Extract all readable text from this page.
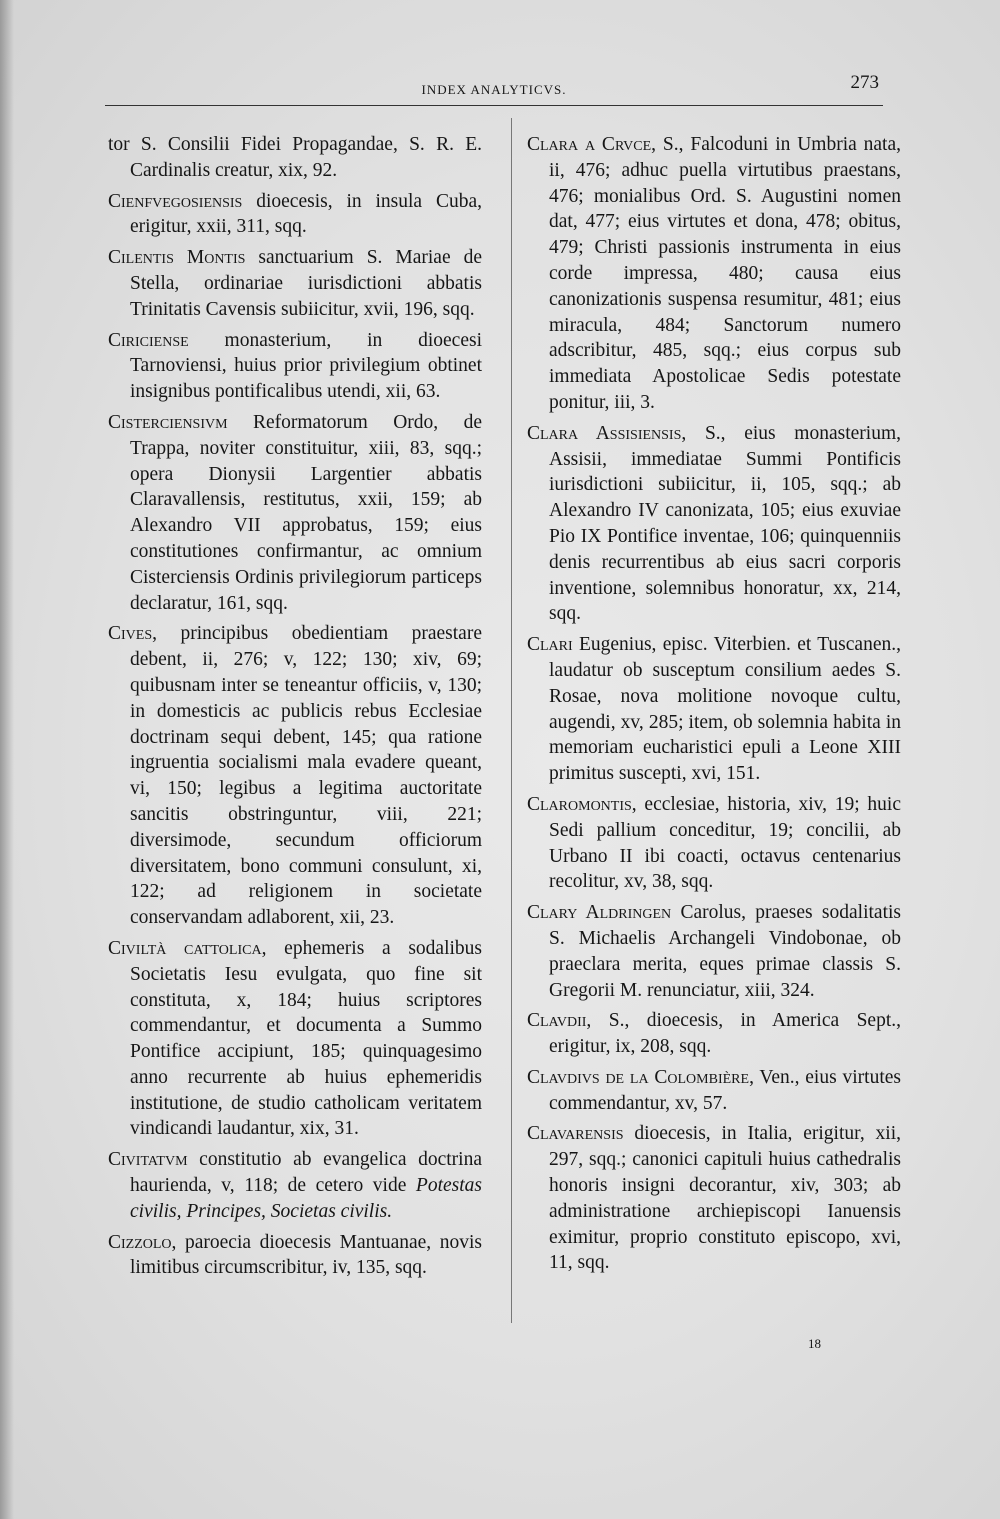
INDEX ANALYTICVS.	273

tor S. Consilii Fidei Propagandae, S. R. E. Cardinalis creatur, xix, 92.

Cienfvegosiensis dioecesis, in insula Cuba, erigitur, xxii, 311, sqq.

Cilentis Montis sanctuarium S. Mariae de Stella, ordinariae iurisdictioni abbatis Trinitatis Cavensis subiicitur, xvii, 196, sqq.

Ciriciense monasterium, in dioecesi Tarnoviensi, huius prior privilegium obtinet insignibus pontificalibus utendi, xii, 63.

Cisterciensivm Reformatorum Ordo, de Trappa, noviter constituitur, xiii, 83, sqq.; opera Dionysii Largentier abbatis Claravallensis, restitutus, xxii, 159; ab Alexandro VII approbatus, 159; eius constitutiones confirmantur, ac omnium Cisterciensis Ordinis privilegiorum particeps declaratur, 161, sqq.

Cives, principibus obedientiam praestare debent, ii, 276; v, 122; 130; xiv, 69; quibusnam inter se teneantur officiis, v, 130; in domesticis ac publicis rebus Ecclesiae doctrinam sequi debent, 145; qua ratione ingruentia socialismi mala evadere queant, vi, 150; legibus a legitima auctoritate sancitis obstringuntur, viii, 221; diversimode, secundum officiorum diversitatem, bono communi consulunt, xi, 122; ad religionem in societate conservandam adlaborent, xii, 23.

Civiltà cattolica, ephemeris a sodalibus Societatis Iesu evulgata, quo fine sit constituta, x, 184; huius scriptores commendantur, et documenta a Summo Pontifice accipiunt, 185; quinquagesimo anno recurrente ab huius ephemeridis institutione, de studio catholicam veritatem vindicandi laudantur, xix, 31.

Civitatvm constitutio ab evangelica doctrina haurienda, v, 118; de cetero vide Potestas civilis, Principes, Societas civilis.

Cizzolo, paroecia dioecesis Mantuanae, novis limitibus circumscribitur, iv, 135, sqq.

Clara a Crvce, S., Falcoduni in Umbria nata, ii, 476; adhuc puella virtutibus praestans, 476; monialibus Ord. S. Augustini nomen dat, 477; eius virtutes et dona, 478; obitus, 479; Christi passionis instrumenta in eius corde impressa, 480; causa eius canonizationis suspensa resumitur, 481; eius miracula, 484; Sanctorum numero adscribitur, 485, sqq.; eius corpus sub immediata Apostolicae Sedis potestate ponitur, iii, 3.

Clara Assisiensis, S., eius monasterium, Assisii, immediatae Summi Pontificis iurisdictioni subiicitur, ii, 105, sqq.; ab Alexandro IV canonizata, 105; eius exuviae Pio IX Pontifice inventae, 106; quinquenniis denis recurrentibus ab eius sacri corporis inventione, solemnibus honoratur, xx, 214, sqq.

Clari Eugenius, episc. Viterbien. et Tuscanen., laudatur ob susceptum consilium aedes S. Rosae, nova molitione novoque cultu, augendi, xv, 285; item, ob solemnia habita in memoriam eucharistici epuli a Leone XIII primitus suscepti, xvi, 151.

Claromontis, ecclesiae, historia, xiv, 19; huic Sedi pallium conceditur, 19; concilii, ab Urbano II ibi coacti, octavus centenarius recolitur, xv, 38, sqq.

Clary Aldringen Carolus, praeses sodalitatis S. Michaelis Archangeli Vindobonae, ob praeclara merita, eques primae classis S. Gregorii M. renunciatur, xiii, 324.

Clavdii, S., dioecesis, in America Sept., erigitur, ix, 208, sqq.

Clavdivs de la Colombière, Ven., eius virtutes commendantur, xv, 57.

Clavarensis dioecesis, in Italia, erigitur, xii, 297, sqq.; canonici capituli huius cathedralis honoris insigni decorantur, xiv, 303; ab administratione archiepiscopi Ianuensis eximitur, proprio constituto episcopo, xvi, 11, sqq.

18
